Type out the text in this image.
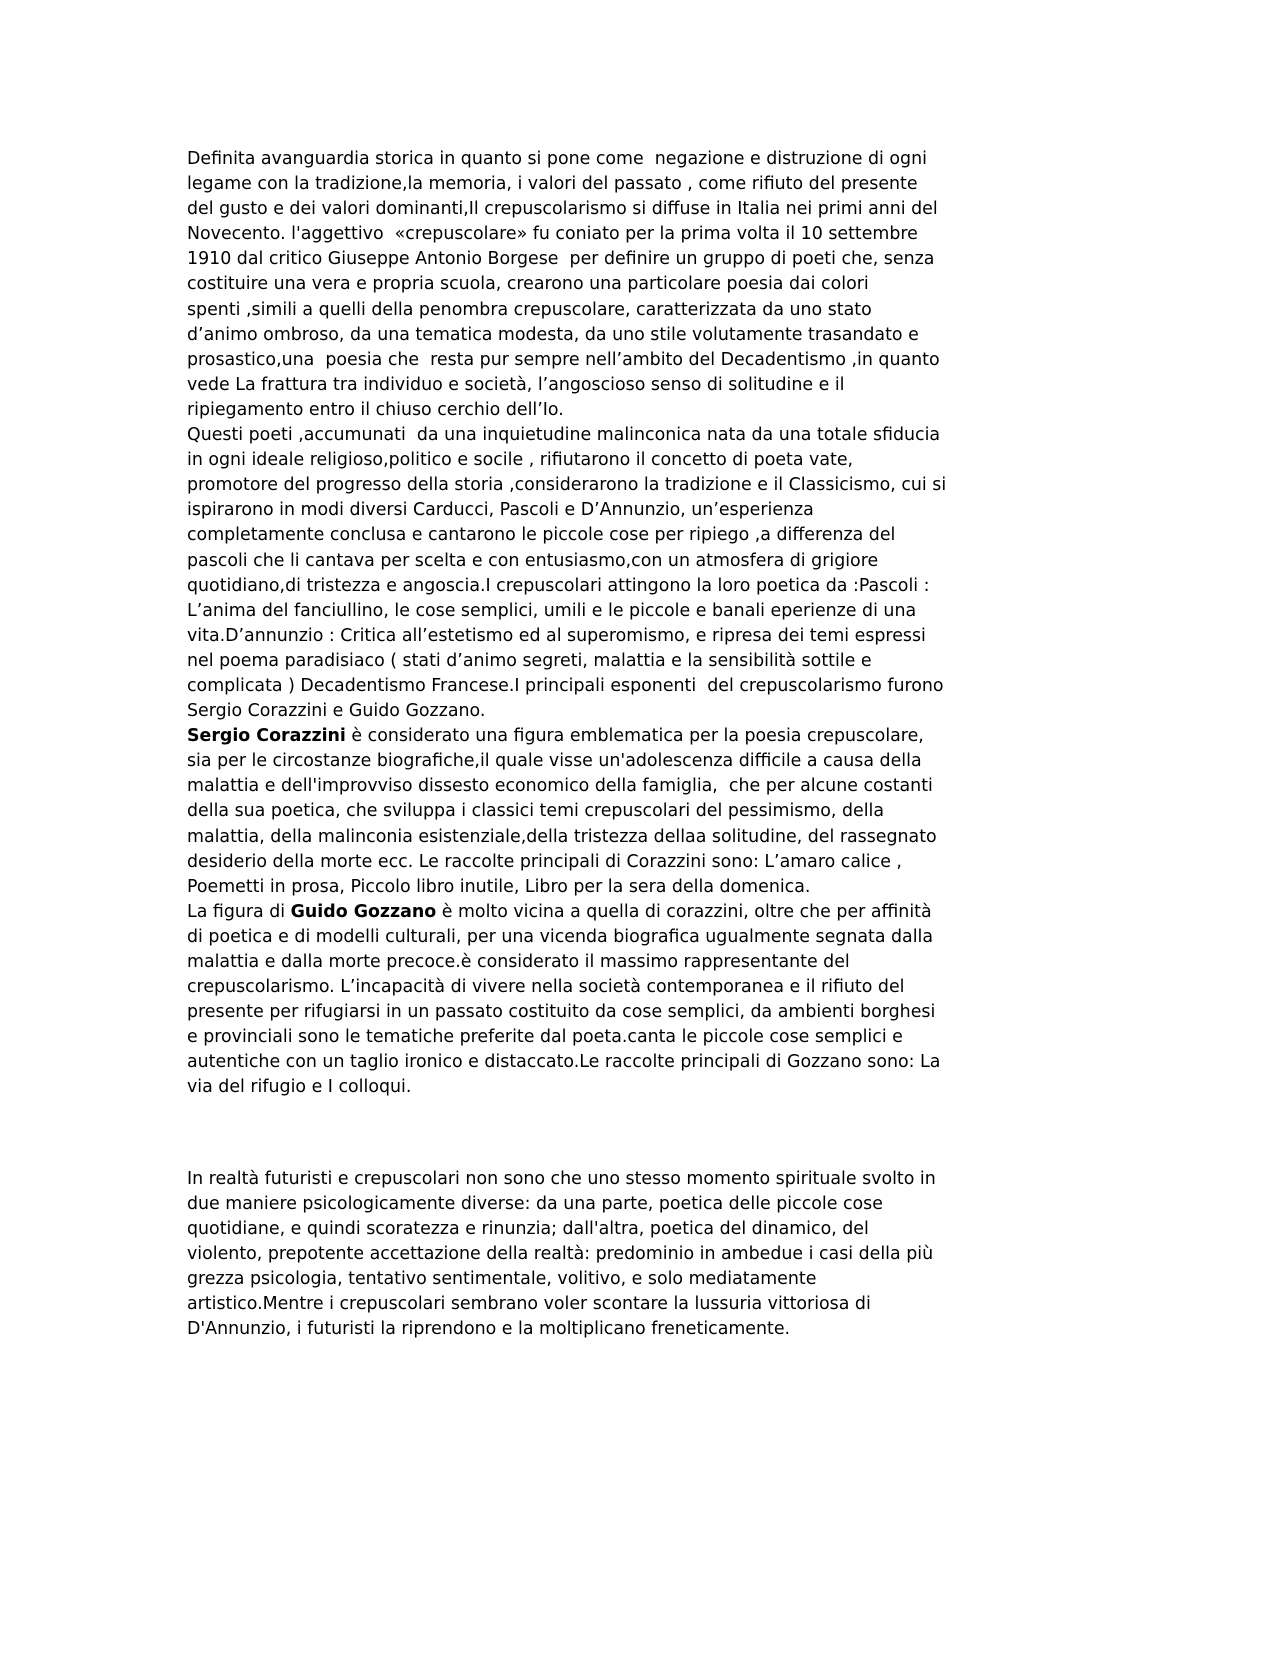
Definita avanguardia storica in quanto si pone come  negazione e distruzione di ogni
legame con la tradizione,la memoria, i valori del passato , come rifiuto del presente
del gusto e dei valori dominanti,Il crepuscolarismo si diffuse in Italia nei primi anni del
Novecento. l'aggettivo  «crepuscolare» fu coniato per la prima volta il 10 settembre
1910 dal critico Giuseppe Antonio Borgese  per definire un gruppo di poeti che, senza
costituire una vera e propria scuola, crearono una particolare poesia dai colori
spenti ,simili a quelli della penombra crepuscolare, caratterizzata da uno stato
d’animo ombroso, da una tematica modesta, da uno stile volutamente trasandato e
prosastico,una  poesia che  resta pur sempre nell’ambito del Decadentismo ,in quanto
vede La frattura tra individuo e società, l’angoscioso senso di solitudine e il
ripiegamento entro il chiuso cerchio dell’Io.
Questi poeti ,accumunati  da una inquietudine malinconica nata da una totale sfiducia
in ogni ideale religioso,politico e socile , rifiutarono il concetto di poeta vate,
promotore del progresso della storia ,considerarono la tradizione e il Classicismo, cui si
ispirarono in modi diversi Carducci, Pascoli e D’Annunzio, un’esperienza
completamente conclusa e cantarono le piccole cose per ripiego ,a differenza del
pascoli che li cantava per scelta e con entusiasmo,con un atmosfera di grigiore
quotidiano,di tristezza e angoscia.I crepuscolari attingono la loro poetica da :Pascoli :
L’anima del fanciullino, le cose semplici, umili e le piccole e banali eperienze di una
vita.D’annunzio : Critica all’estetismo ed al superomismo, e ripresa dei temi espressi
nel poema paradisiaco ( stati d’animo segreti, malattia e la sensibilità sottile e
complicata ) Decadentismo Francese.I principali esponenti  del crepuscolarismo furono
Sergio Corazzini e Guido Gozzano.
Sergio Corazzini è considerato una figura emblematica per la poesia crepuscolare,
sia per le circostanze biografiche,il quale visse un'adolescenza difficile a causa della
malattia e dell'improvviso dissesto economico della famiglia,  che per alcune costanti
della sua poetica, che sviluppa i classici temi crepuscolari del pessimismo, della
malattia, della malinconia esistenziale,della tristezza dellaa solitudine, del rassegnato
desiderio della morte ecc. Le raccolte principali di Corazzini sono: L’amaro calice ,
Poemetti in prosa, Piccolo libro inutile, Libro per la sera della domenica.
La figura di Guido Gozzano è molto vicina a quella di corazzini, oltre che per affinità
di poetica e di modelli culturali, per una vicenda biografica ugualmente segnata dalla
malattia e dalla morte precoce.è considerato il massimo rappresentante del
crepuscolarismo. L’incapacità di vivere nella società contemporanea e il rifiuto del
presente per rifugiarsi in un passato costituito da cose semplici, da ambienti borghesi
e provinciali sono le tematiche preferite dal poeta.canta le piccole cose semplici e
autentiche con un taglio ironico e distaccato.Le raccolte principali di Gozzano sono: La
via del rifugio e I colloqui.
In realtà futuristi e crepuscolari non sono che uno stesso momento spirituale svolto in
due maniere psicologicamente diverse: da una parte, poetica delle piccole cose
quotidiane, e quindi scoratezza e rinunzia; dall'altra, poetica del dinamico, del
violento, prepotente accettazione della realtà: predominio in ambedue i casi della più
grezza psicologia, tentativo sentimentale, volitivo, e solo mediatamente
artistico.Mentre i crepuscolari sembrano voler scontare la lussuria vittoriosa di
D'Annunzio, i futuristi la riprendono e la moltiplicano freneticamente.
